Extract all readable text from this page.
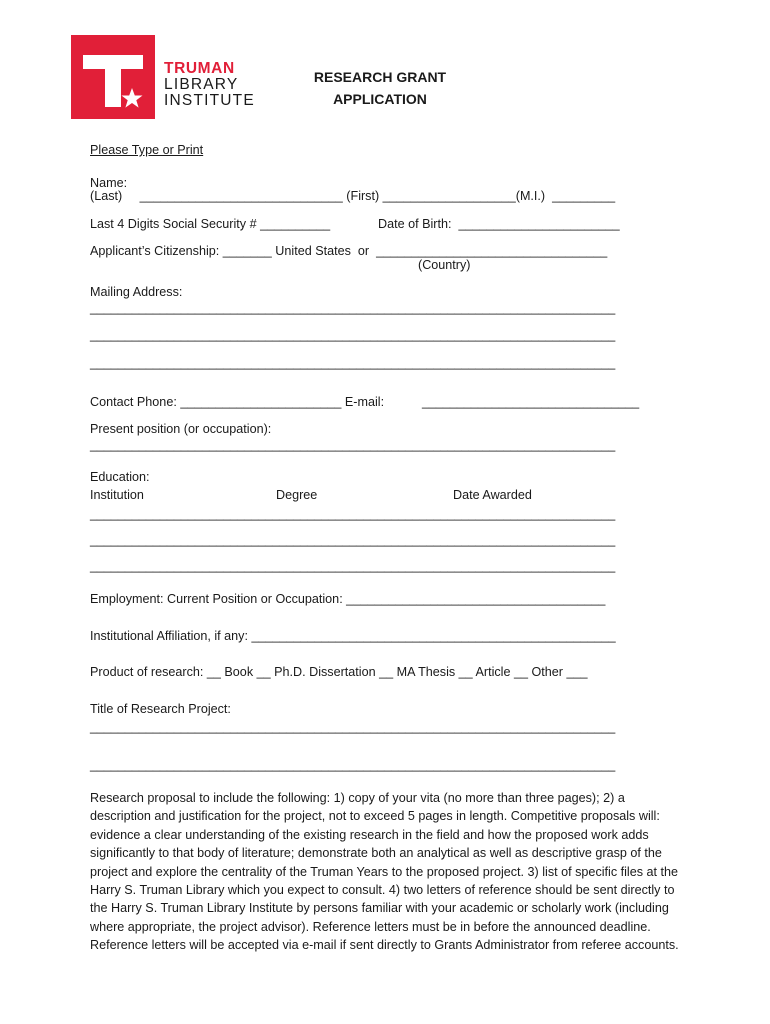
TRUMAN
LIBRARY
INSTITUTE
RESEARCH GRANT
APPLICATION
Please Type or Print
Name:
(Last)     _____________________________ (First) ___________________(M.I.)  _________
Last 4 Digits Social Security # __________	Date of Birth:  _______________________
Applicant’s Citizenship: _______ United States  or  _________________________________
(Country)
Mailing Address:
___________________________________________________________________________
___________________________________________________________________________
___________________________________________________________________________
Contact Phone: _______________________ E-mail:	_______________________________
Present position (or occupation):
___________________________________________________________________________
Education:
Institution	Degree	Date Awarded
___________________________________________________________________________
___________________________________________________________________________
___________________________________________________________________________
Employment: Current Position or Occupation: _____________________________________
Institutional Affiliation, if any: ____________________________________________________
Product of research: __ Book __ Ph.D. Dissertation __ MA Thesis __ Article __ Other ___
Title of Research Project:
___________________________________________________________________________
___________________________________________________________________________
Research proposal to include the following: 1) copy of your vita (no more than three pages); 2) a description and justification for the project, not to exceed 5 pages in length. Competitive proposals will: evidence a clear understanding of the existing research in the field and how the proposed work adds significantly to that body of literature; demonstrate both an analytical as well as descriptive grasp of the project and explore the centrality of the Truman Years to the proposed project. 3) list of specific files at the Harry S. Truman Library which you expect to consult. 4) two letters of reference should be sent directly to the Harry S. Truman Library Institute by persons familiar with your academic or scholarly work (including where appropriate, the project advisor). Reference letters must be in before the announced deadline. Reference letters will be accepted via e-mail if sent directly to Grants Administrator from referee accounts.
